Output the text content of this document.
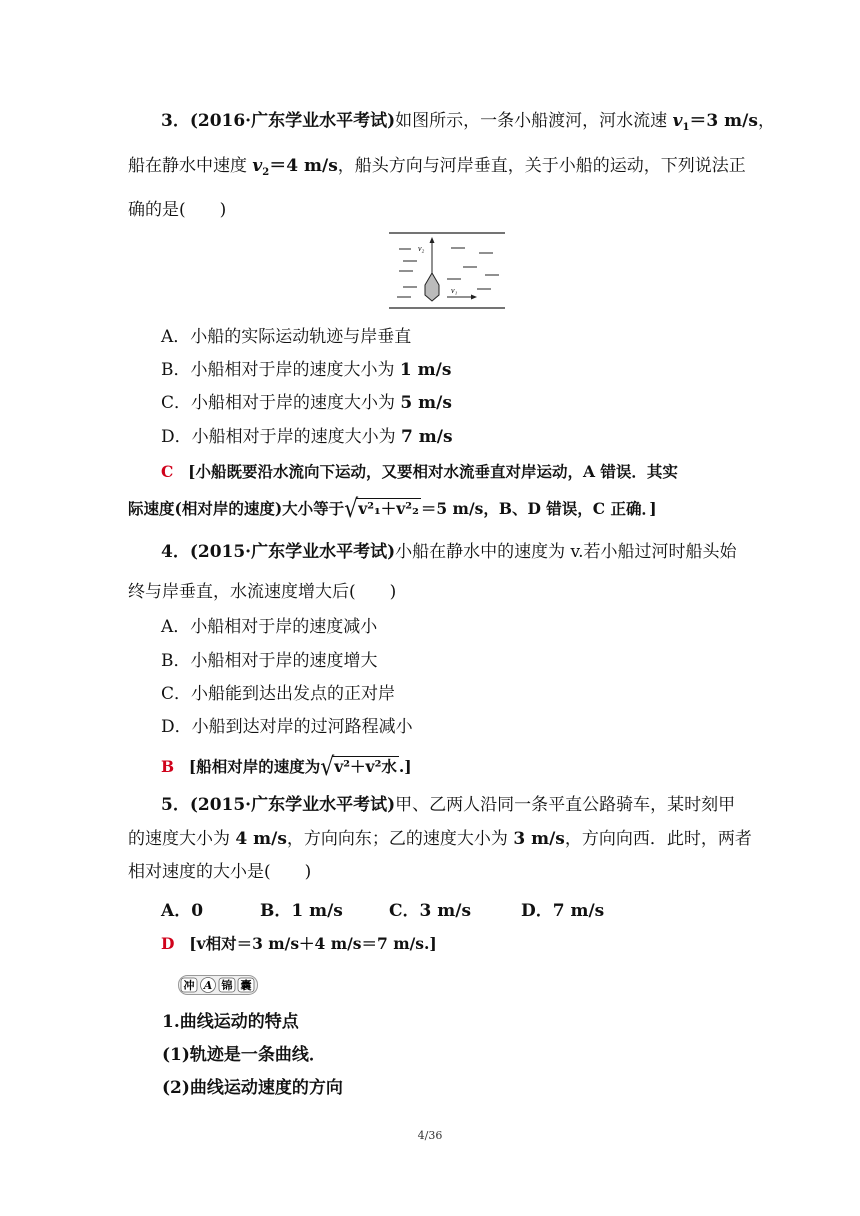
3．(2016·广东学业水平考试)如图所示，一条小船渡河，河水流速 $v_1=3$ m/s，
船在静水中速度 $v_2=4$ m/s，船头方向与河岸垂直，关于小船的运动，下列说法正
确的是(　　)
v₂
v₁
A．小船的实际运动轨迹与岸垂直
B．小船相对于岸的速度大小为 1 m/s
C．小船相对于岸的速度大小为 5 m/s
D．小船相对于岸的速度大小为 7 m/s
C [小船既要沿水流向下运动，又要相对水流垂直对岸运动，A 错误．其实
际速度(相对岸的速度)大小等于√v²₁＋v²₂ ＝5 m/s，B、D 错误，C 正确．]
4．(2015·广东学业水平考试)小船在静水中的速度为 v.若小船过河时船头始
终与岸垂直，水流速度增大后(　　)
A．小船相对于岸的速度减小
B．小船相对于岸的速度增大
C．小船能到达出发点的正对岸
D．小船到达对岸的过河路程减小
B [船相对岸的速度为√v²＋v²水 .]
5．(2015·广东学业水平考试)甲、乙两人沿同一条平直公路骑车，某时刻甲
的速度大小为 4 m/s，方向向东；乙的速度大小为 3 m/s，方向向西．此时，两者
相对速度的大小是(　　)
A．0	B．1 m/s	C．3 m/s	D．7 m/s
D [v相对＝3 m/s＋4 m/s＝7 m/s.]
冲 A 锦 囊
1.曲线运动的特点
(1)轨迹是一条曲线．
(2)曲线运动速度的方向
4/36
